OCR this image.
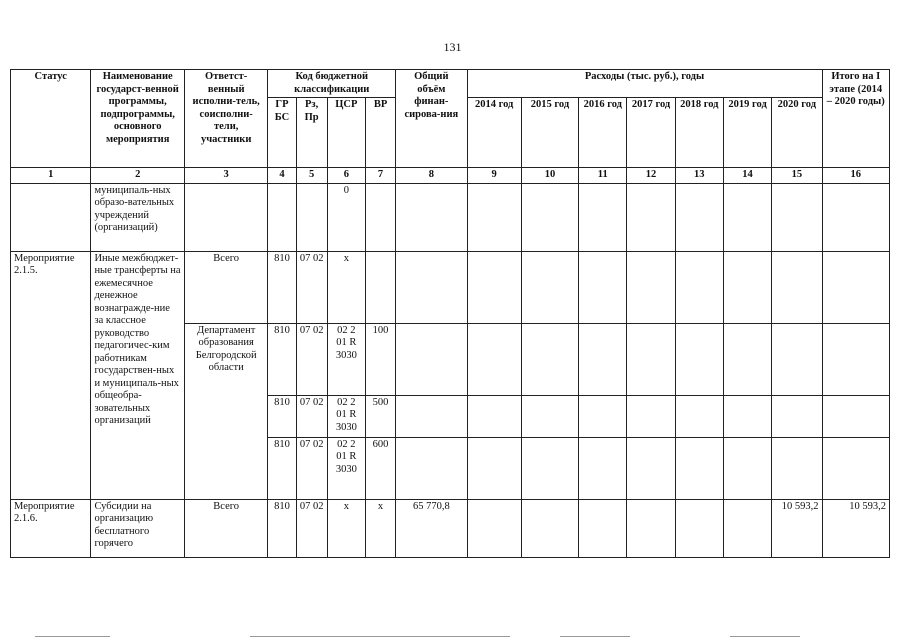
131
Статус	Наименование государст-венной программы, подпрограммы, основного мероприятия	Ответст-венный исполни-тель, соисполни-тели, участники	Код бюджетной классификации				Общий объём финан-сирова-ния	Расходы (тыс. руб.), годы							Итого на I этапе (2014 – 2020 годы)
			ГР БС	Рз, Пр	ЦСР	ВР		2014 год	2015 год	2016 год	2017 год	2018 год	2019 год	2020 год	
1	2	3	4	5	6	7	8	9	10	11	12	13	14	15	16
	муниципаль-ных образо-вательных учреждений (организаций)				0										
Мероприятие 2.1.5.	Иные межбюджет-ные трансферты на ежемесячное денежное вознагражде-ние за классное руководство педагогичес-ким работникам государствен-ных и муниципаль-ных общеобра-зовательных организаций	Всего	810	07 02	х										
		Департамент образования Белгородской области	810	07 02	02 2 01 R 3030	100									
			810	07 02	02 2 01 R 3030	500									
			810	07 02	02 2 01 R 3030	600									
Мероприятие 2.1.6.	Субсидии на организацию бесплатного горячего	Всего	810	07 02	х	х	65 770,8							10 593,2	10 593,2
